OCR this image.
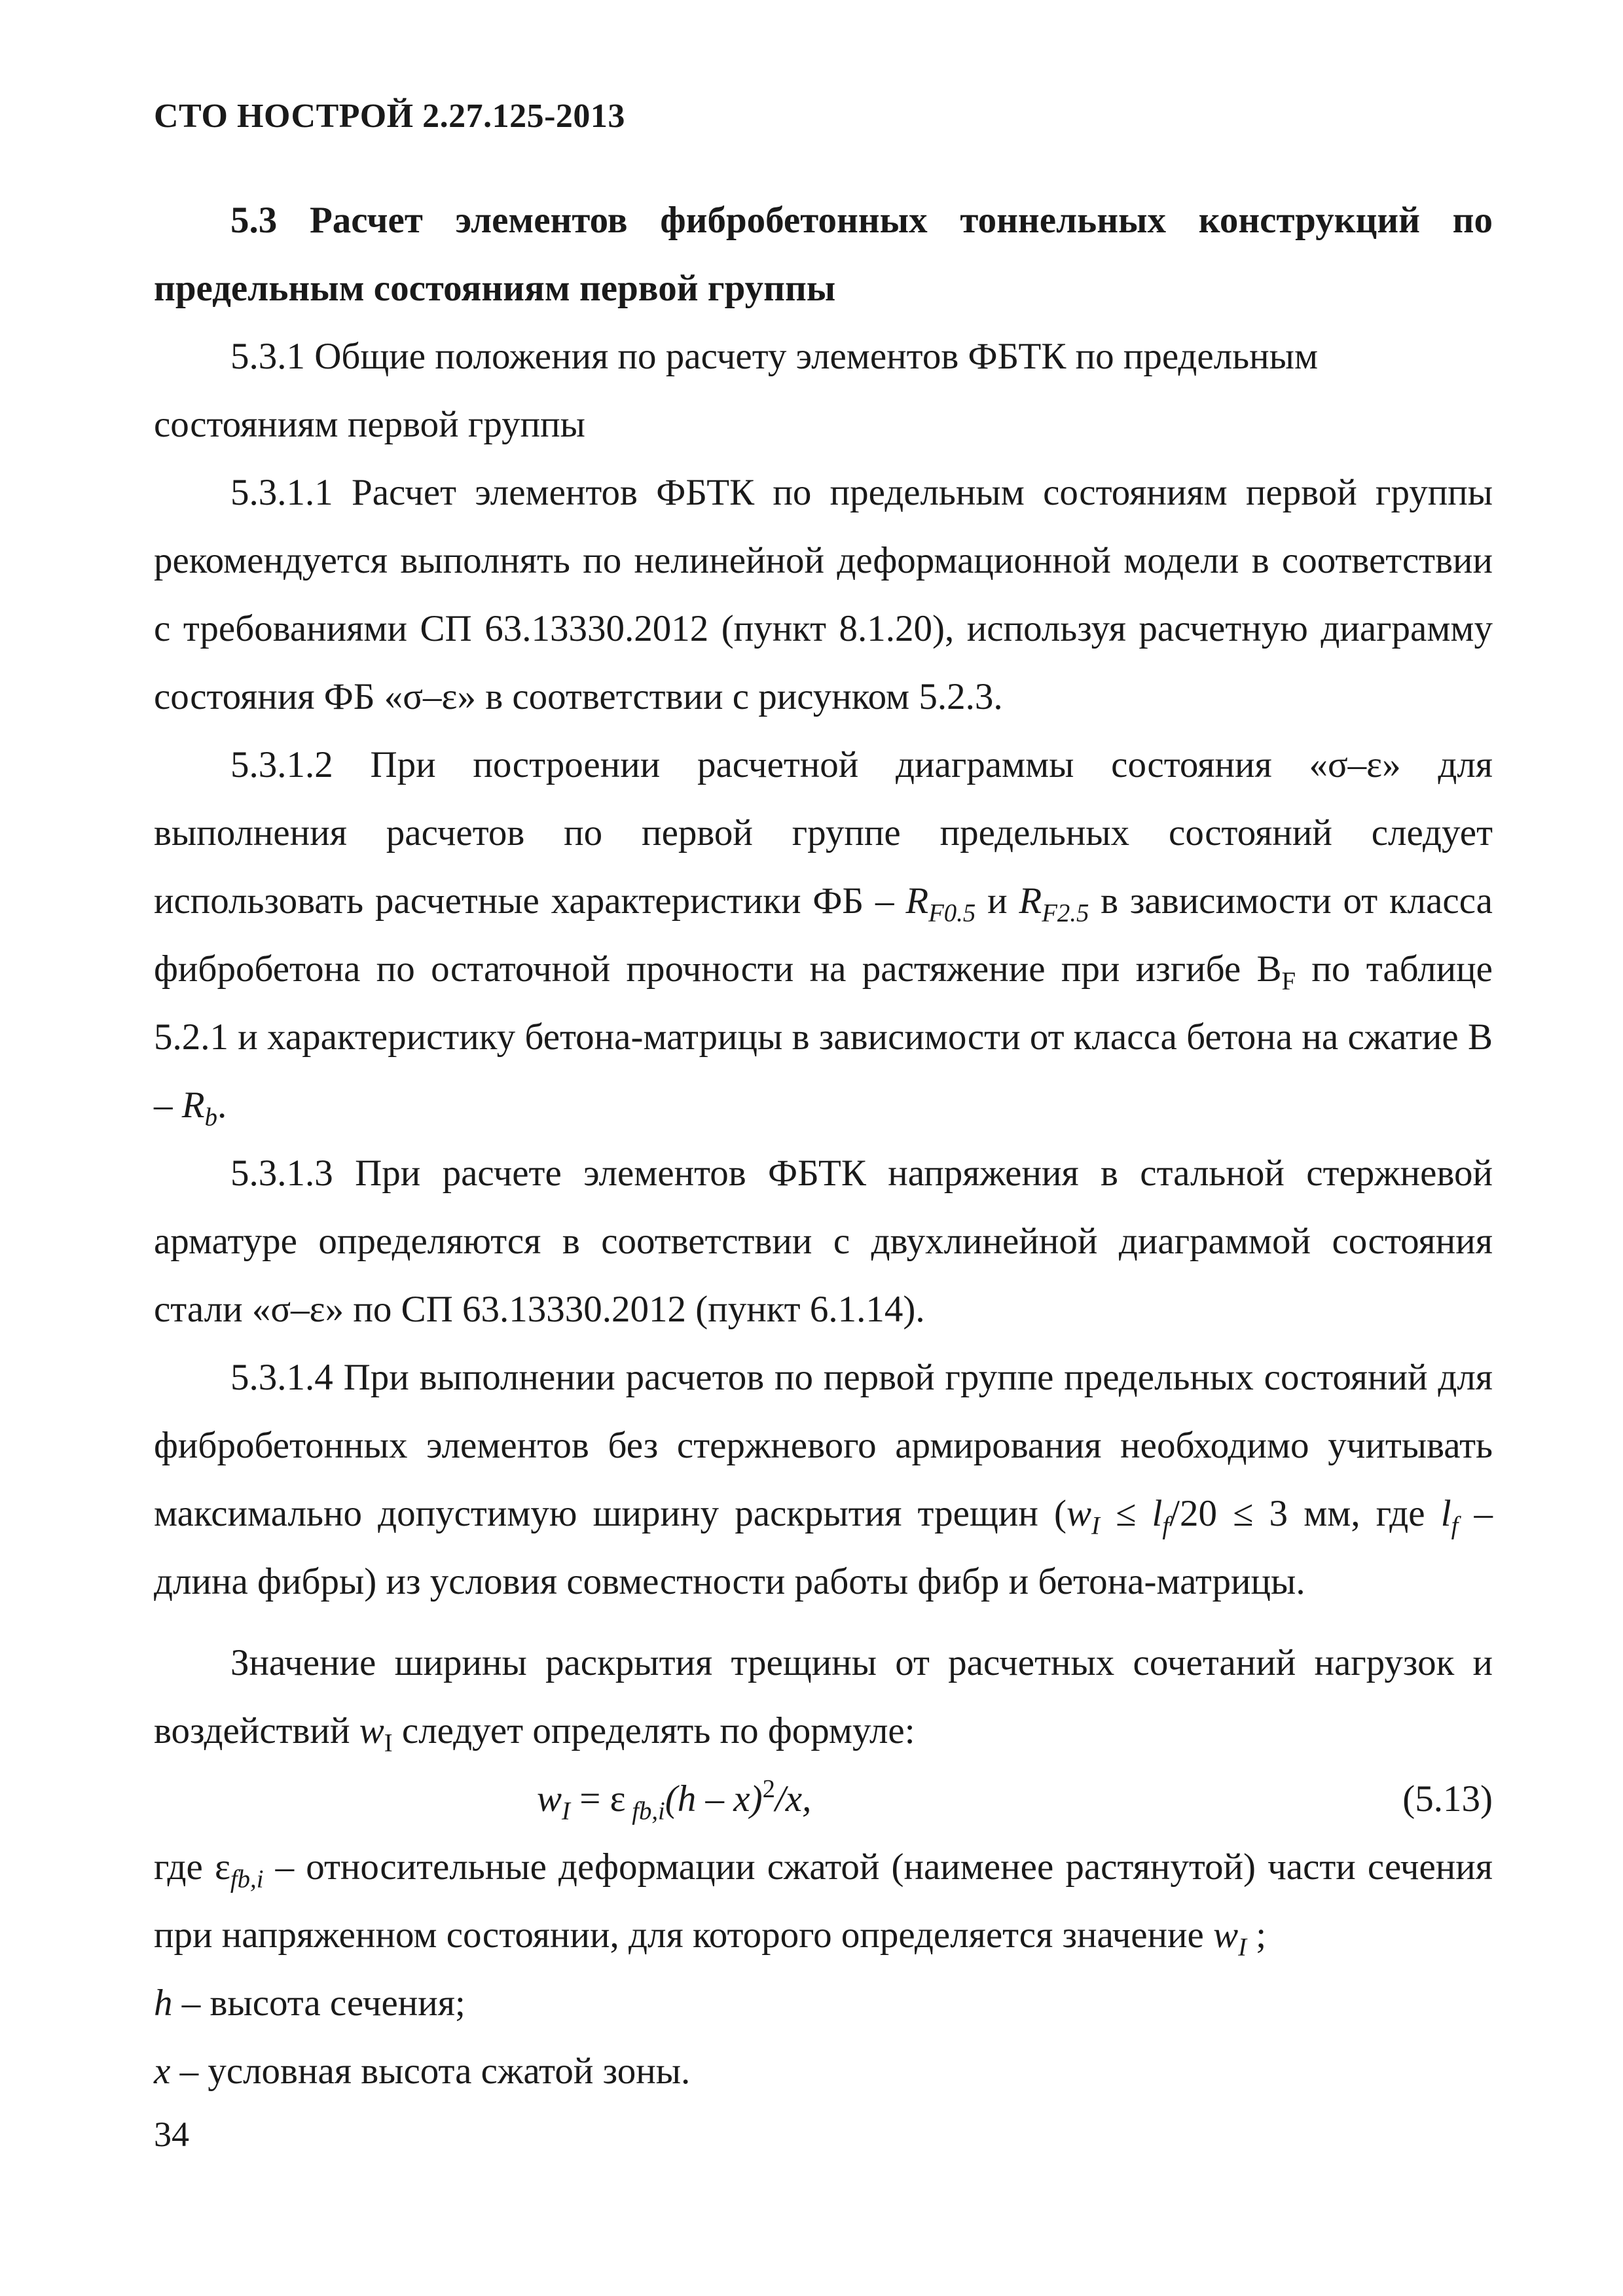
СТО НОСТРОЙ 2.27.125-2013

5.3 Расчет элементов фибробетонных тоннельных конструкций по предельным состояниям первой группы

5.3.1 Общие положения по расчету элементов ФБТК по предельным
состояниям первой группы

5.3.1.1 Расчет элементов ФБТК по предельным состояниям первой группы рекомендуется выполнять по нелинейной деформационной модели в соответствии с требованиями СП 63.13330.2012 (пункт 8.1.20), используя расчетную диаграмму состояния ФБ «σ–ε» в соответствии с рисунком 5.2.3.

5.3.1.2 При построении расчетной диаграммы состояния «σ–ε» для выполнения расчетов по первой группе предельных состояний следует использовать расчетные характеристики ФБ – $R_{F0.5}$ и $R_{F2.5}$ в зависимости от класса фибробетона по остаточной прочности на растяжение при изгибе $В_F$ по таблице 5.2.1 и характеристику бетона-матрицы в зависимости от класса бетона на сжатие В – $R_b$.

5.3.1.3 При расчете элементов ФБТК напряжения в стальной стержневой арматуре определяются в соответствии с двухлинейной диаграммой состояния стали «σ–ε» по СП 63.13330.2012 (пункт 6.1.14).

5.3.1.4 При выполнении расчетов по первой группе предельных состояний для фибробетонных элементов без стержневого армирования необходимо учитывать максимально допустимую ширину раскрытия трещин ($w_I \le l_f/20 \le 3$ мм, где $l_f$ – длина фибры) из условия совместности работы фибр и бетона-матрицы.

Значение ширины раскрытия трещины от расчетных сочетаний нагрузок и воздействий $w_I$ следует определять по формуле:

$w_I = \varepsilon$ $_{fb,i}$(h – x)$^2$/x,	(5.13)

где $\varepsilon_{fb,i}$ – относительные деформации сжатой (наименее растянутой) части сечения при напряженном состоянии, для которого определяется значение $w_I$ ;

h – высота сечения;

x – условная высота сжатой зоны.

34
